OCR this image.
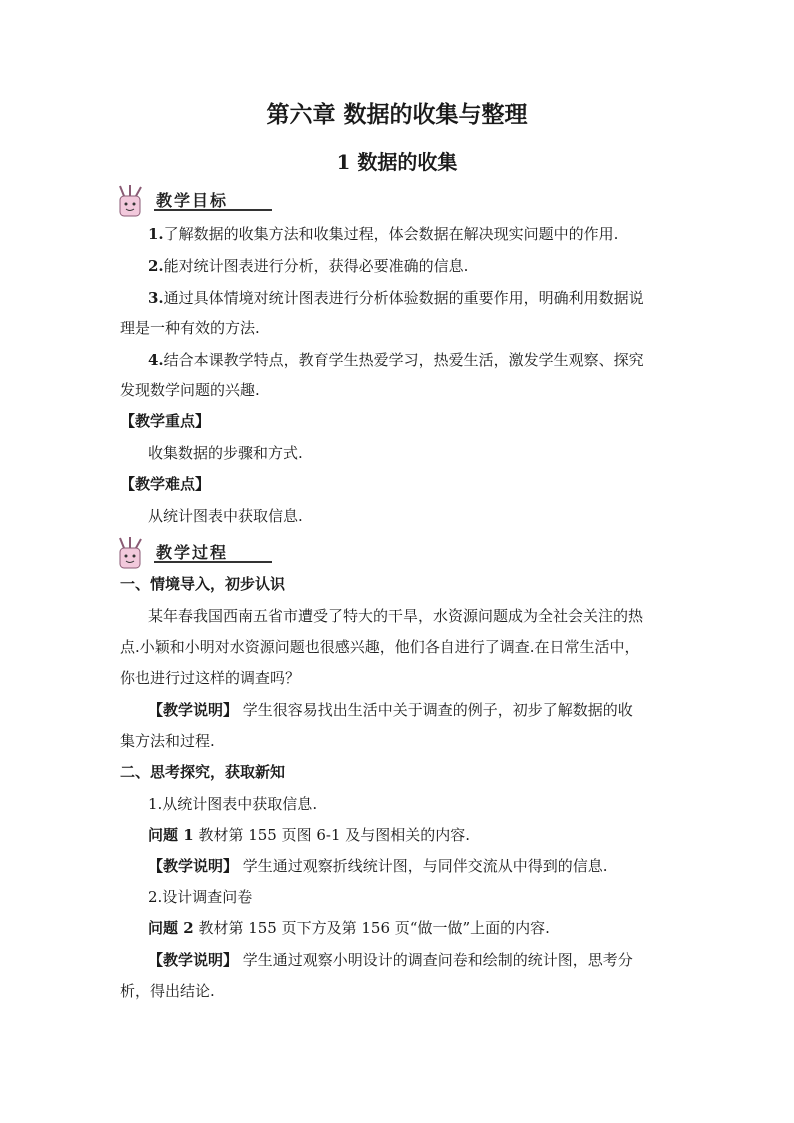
第六章 数据的收集与整理
1 数据的收集
教学目标
1.了解数据的收集方法和收集过程，体会数据在解决现实问题中的作用.
2.能对统计图表进行分析，获得必要准确的信息.
3.通过具体情境对统计图表进行分析体验数据的重要作用，明确利用数据说
理是一种有效的方法.
4.结合本课教学特点，教育学生热爱学习，热爱生活，激发学生观察、探究
发现数学问题的兴趣.
【教学重点】
收集数据的步骤和方式.
【教学难点】
从统计图表中获取信息.
教学过程
一、情境导入，初步认识
某年春我国西南五省市遭受了特大的干旱，水资源问题成为全社会关注的热
点.小颖和小明对水资源问题也很感兴趣，他们各自进行了调查.在日常生活中，
你也进行过这样的调查吗？
【教学说明】 学生很容易找出生活中关于调查的例子，初步了解数据的收
集方法和过程.
二、思考探究，获取新知
1.从统计图表中获取信息.
问题 1 教材第 155 页图 6-1 及与图相关的内容.
【教学说明】 学生通过观察折线统计图，与同伴交流从中得到的信息.
2.设计调查问卷
问题 2 教材第 155 页下方及第 156 页“做一做”上面的内容.
【教学说明】 学生通过观察小明设计的调查问卷和绘制的统计图，思考分
析，得出结论.
